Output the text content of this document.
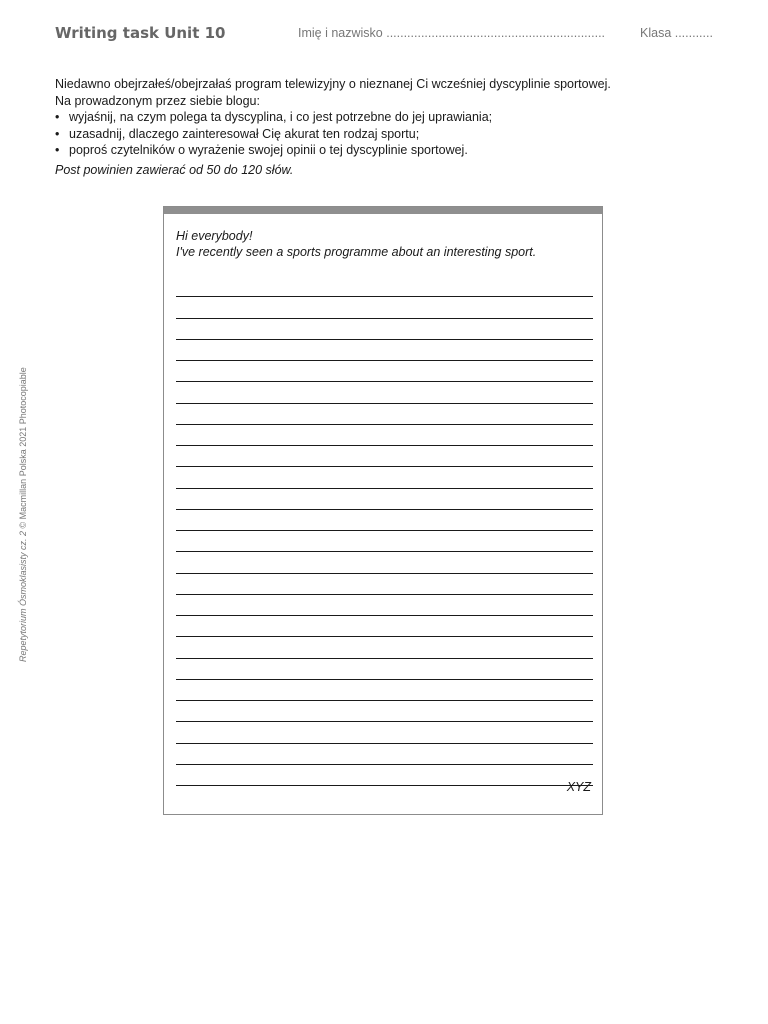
Writing task Unit 10	Imię i nazwisko ...............................................................	Klasa ...........

Niedawno obejrzałeś/obejrzałaś program telewizyjny o nieznanej Ci wcześniej dyscyplinie sportowej.

Na prowadzonym przez siebie blogu:

• wyjaśnij, na czym polega ta dyscyplina, i co jest potrzebne do jej uprawiania;
• uzasadnij, dlaczego zainteresował Cię akurat ten rodzaj sportu;
• poproś czytelników o wyrażenie swojej opinii o tej dyscyplinie sportowej.

Post powinien zawierać od 50 do 120 słów.

Repetytorium Ósmoklasisty cz. 2 © Macmillan Polska 2021 Photocopiable
Hi everybody!
I've recently seen a sports programme about an interesting sport.
XYZ
